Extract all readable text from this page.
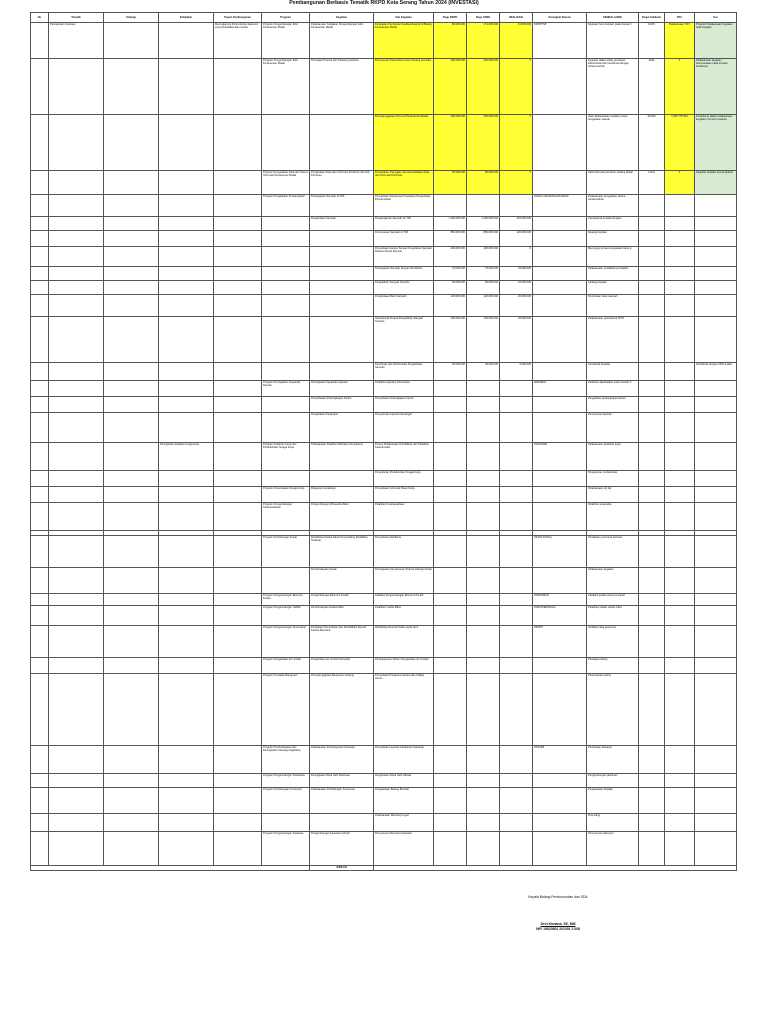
Pembangunan Berbasis Tematik RKPD Kota Serang Tahun 2024 (INVESTASI)
No	Tematik	Strategi	Kebijakan	Tujuan Pembangunan	Program	Kegiatan	Sub Kegiatan	Pagu RKPD	Pagu APBD	REALISASI	Perangkat Daerah	KENDALA/ARE	Target Indikator	TW I	Ket
	Peningkatan Investasi			Meningkatnya Pertumbuhan Ekonomi yang berkualitas dan merata	Program Pengembangan Iklim Penanaman Modal	Pelaksanaan Kebijakan Pengembangan Iklim Penanaman Modal	Penetapan Pemberian Fasilitas/Insentif di Bidang Penanaman Modal	80.000.000	171.000.000	15.500.000	DPMPTSP	Kegiatan baru berjalan pada triwulan I	100%	Pelaksanaan TW I	Program Pelaksanaan Kegiatan telah berjalan
					Program Pengembangan Iklim Penanaman Modal	Pemetaan Potensi dan Peluang Investasi	Penyusunan Peta Potensi dan Peluang Investasi	200.000.000	200.000.000	0		Kegiatan dalam tahap persiapan administrasi dan koordinasi dengan instansi terkait	2024	0	Pelaksanaan kegiatan direncanakan pada triwulan berikutnya
							Penyelenggaraan Promosi Penanaman Modal	300.000.000	300.000.000	0		Akan dilaksanakan setelah proses pengadaan selesai	30.000	1.250.775.931	Pendukung dalam pelaksanaan kegiatan promosi investasi
					Program Pengelolaan Data dan Sistem Informasi Penanaman Modal	Pengelolaan Data dan Informasi Perizinan dan Non Perizinan	Pengolahan, Penyajian dan Pemanfaatan Data dan Informasi Perizinan	60.000.000	60.000.000	0		Data informasi perizinan sedang diolah	2 Dok	0	Kegiatan berjalan sesuai jadwal
					Program Pengelolaan Persampahan	Penanganan Sampah di TPA	Penyediaan Sarana dan Prasarana Pengelolaan Persampahan				DINAS LINGKUNGAN HIDUP	Pelaksanaan pengadaan sarana persampahan			
						Pengelolaan Sampah	Pengangkutan Sampah ke TPA	1.200.000.000	1.200.000.000	210.000.000		Operasional armada berjalan			
							Pemrosesan Sampah di TPA	850.000.000	850.000.000	120.000.000		Sedang berjalan			
							Penyediaan Sarana Tempat Pengolahan Sampah Reduce Reuse Recycle	400.000.000	400.000.000	0		Menunggu proses pengadaan barang			
							Penanganan Sampah dengan Pemilahan	75.000.000	75.000.000	15.000.000		Pelaksanaan sosialisasi pemilahan			
							Pengolahan Sampah Terpadu	90.000.000	90.000.000	10.000.000		Sedang berjalan			
							Pengelolaan Bank Sampah	120.000.000	120.000.000	20.000.000		Pembinaan bank sampah			
							Operasional Tempat Pengolahan Sampah Terpadu	130.000.000	130.000.000	25.000.000		Pelaksanaan operasional TPST			
							Koordinasi dan Sinkronisasi Pengelolaan Sampah	35.000.000	35.000.000	5.000.000		Koordinasi berjalan			Koordinasi dengan OPD terkait
					Program Peningkatan Kapasitas Daerah	Peningkatan Kapasitas Aparatur	Pelatihan Aparatur Perencana				BAPPEDA	Pelatihan dijadwalkan pada triwulan II			
						Pemanfaatan Perlengkapan Kantor	Penyediaan Perlengkapan Kantor					Pengadaan perlengkapan kantor			
						Pengelolaan Keuangan	Penyusunan Laporan Keuangan					Penyusunan laporan			
			Peningkatan kualitas tenaga kerja		Program Pelatihan Kerja dan Produktivitas Tenaga Kerja	Pelaksanaan Pelatihan Berbasis Kompetensi	Proses Pelaksanaan Pendidikan dan Pelatihan Keterampilan				DISNAKER	Pelaksanaan pelatihan kerja			
							Pengukuran Produktivitas Tenaga Kerja					Pengukuran produktivitas			
					Program Penempatan Tenaga Kerja	Pelayanan Antarkerja	Penyediaan Informasi Pasar Kerja					Pelaksanaan job fair			
					Program Pengembangan Kewirausahaan	Pengembangan Wirausaha Baru	Pelatihan Kewirausahaan					Pelatihan wirausaha			

					Program Perlindungan Sosial	Rehabilitasi Sosial Dasar Penyandang Disabilitas Terlantar	Penyediaan Alat Bantu				DINAS SOSIAL	Pendataan penerima bantuan			
						Pemberdayaan Sosial	Peningkatan Kemampuan Potensi Pekerja Sosial					Pelaksanaan kegiatan			
					Program Pengembangan Ekonomi Kreatif	Pengembangan Ekonomi Kreatif	Fasilitasi Pengembangan Ekonomi Kreatif				DISPARBUD	Fasilitasi pelaku ekonomi kreatif			
					Program Pengembangan UMKM	Pemberdayaan Usaha Mikro	Pelatihan Usaha Mikro				DISKOPERINDAG	Pelatihan pelaku usaha mikro			
					Program Pengembangan Perumahan	Pendataan Penyediaan dan Rehabilitasi Rumah Korban Bencana	Rehabilitasi Rumah Tidak Layak Huni				DPRKP	Verifikasi data penerima			
					Program Pengelolaan Air Limbah	Pengelolaan Air Limbah Domestik	Pembangunan Sistem Pengelolaan Air Limbah					Persiapan lelang			
					Program Penataan Bangunan	Penyelenggaraan Bangunan Gedung	Penyediaan Prasarana Sarana dan Utilitas Umum					Perencanaan teknis			
					Program Pemberdayaan dan Peningkatan Keluarga Sejahtera	Pelaksanaan Pembangunan Keluarga	Penyediaan Layanan Ketahanan Keluarga				DP3AKB	Pembinaan keluarga			
					Program Pengembangan Pariwisata	Peningkatan Daya Tarik Destinasi	Pengelolaan Daya Tarik Wisata					Pengembangan destinasi			
					Program Perlindungan Konsumen	Pelaksanaan Perlindungan Konsumen	Pengawasan Barang Beredar					Pengawasan berjalan			
							Pelaksanaan Metrologi Legal					Tera ulang			
					Program Pengembangan Kawasan	Pengembangan Kawasan Industri	Penyusunan Rencana Kawasan					Penyusunan dokumen			
						JUMLAH									
Kepala Bidang Perekonomian dan SDA
Devi Kiwiana, SE, MM
NIP. 19820802 201001 2 008
